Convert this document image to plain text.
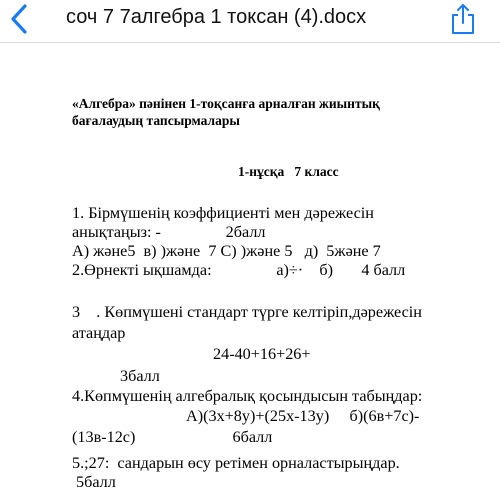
соч 7 7алгебра 1 токсан (4).docx
«Алгебра» пәнінен 1-тоқсанға арналған жиынтық бағалаудың тапсырмалары
1-нұсқа   7 класс
1. Бірмүшенің коэффициенті мен дәрежесін
анықтаңыз: -                2балл
А) және5  в) )және  7 С) )және 5   д)  5және 7
2.Өрнекті ықшамда:                а)÷·    б)       4 балл
3    . Көпмүшені стандарт түрге келтіріп,дәрежесін
атаңдар
24-40+16+26+
3балл
4.Көпмүшенің алгебралық қосындысын табыңдар:
А)(3х+8у)+(25х-13у)     б)(6в+7с)-
(13в-12с)                        6балл
5.;27:  сандарын өсу ретімен орналастырыңдар.
5балл
